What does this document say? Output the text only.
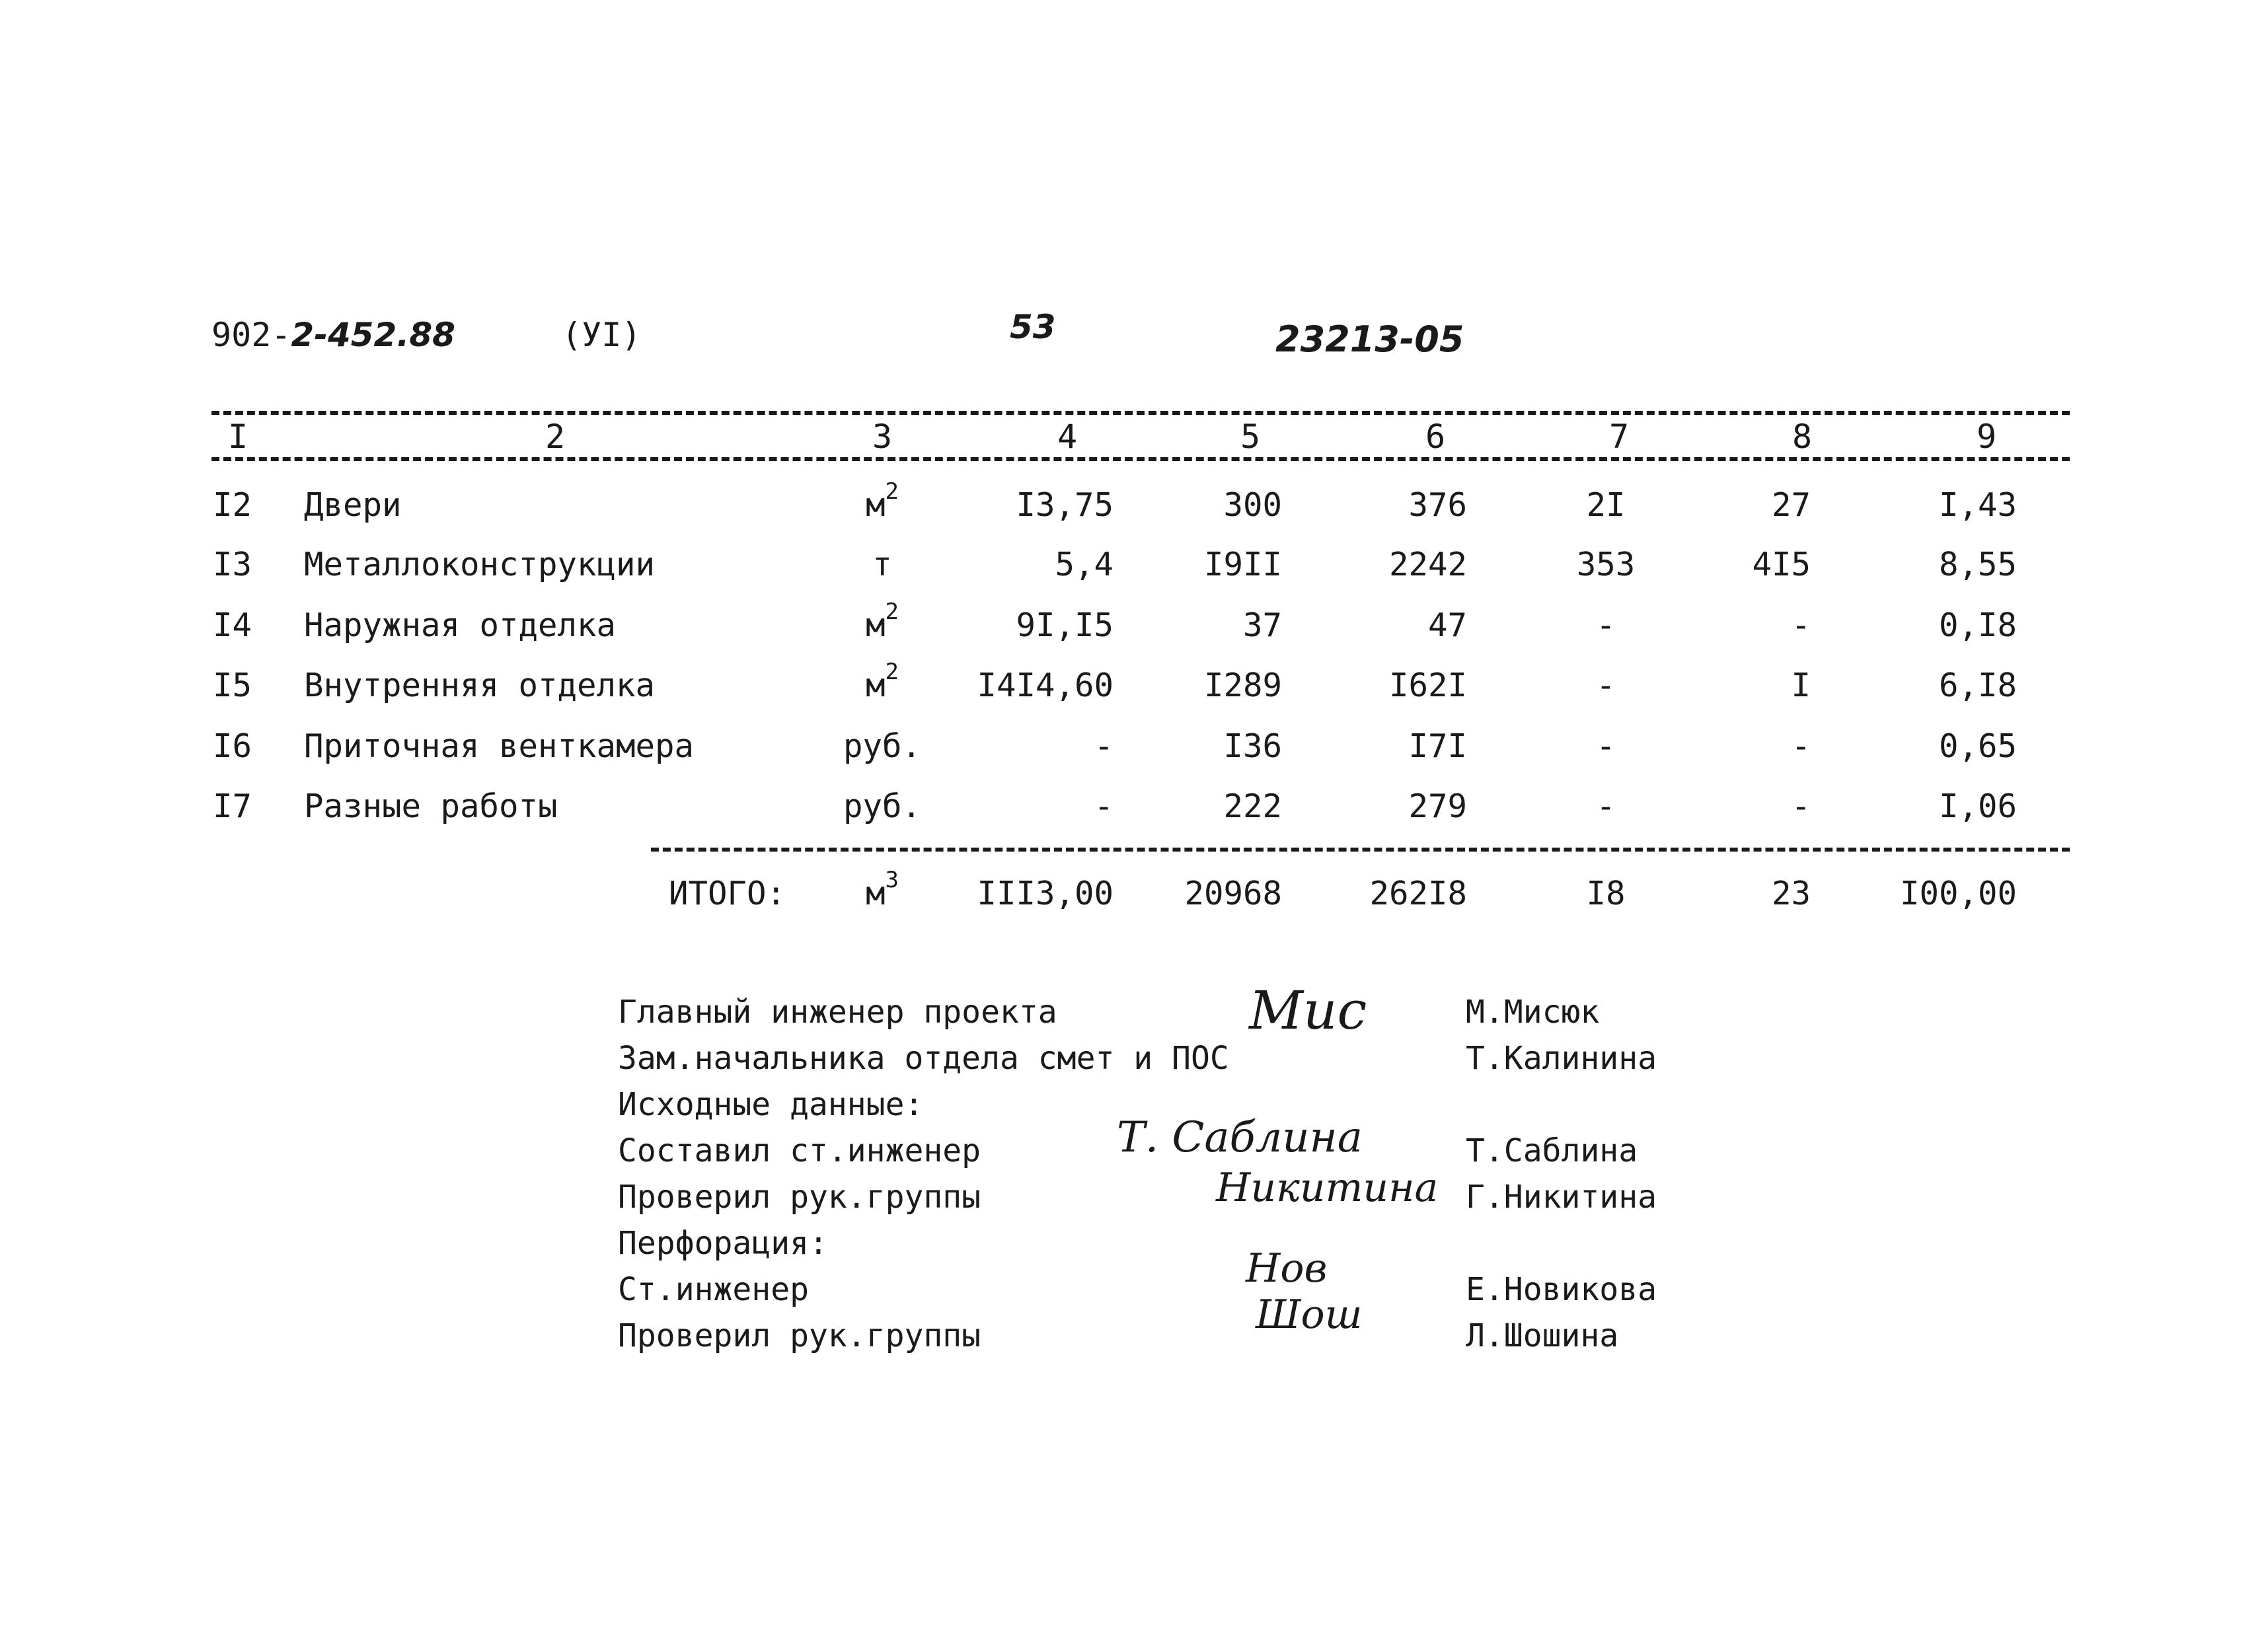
902-2-452.88	(УI)	53	23213-05
I	2	3	4	5	6	7	8	9
I2	Двери	$м^2$	I3,75	300	376	2I	27	I,43
I3	Металлоконструкции	т	5,4	I9II	2242	353	4I5	8,55
I4	Наружная отделка	$м^2$	9I,I5	37	47	-	-	0,I8
I5	Внутренняя отделка	$м^2$	I4I4,60	I289	I62I	-	I	6,I8
I6	Приточная венткамера	руб.	-	I36	I7I	-	-	0,65
I7	Разные работы	руб.	-	222	279	-	-	I,06
ИТОГО:	$м^3$	III3,00	20968	262I8	I8	23	I00,00
Главный инженер проекта	М.Мисюк
Зам.начальника отдела смет и ПОС	Т.Калинина
Исходные данные:
Составил ст.инженер	Т.Саблина
Проверил рук.группы	Г.Никитина
Перфорация:
Ст.инженер	Е.Новикова
Проверил рук.группы	Л.Шошина
Мис
Т. Саблина
Никитина
Нов
Шош
